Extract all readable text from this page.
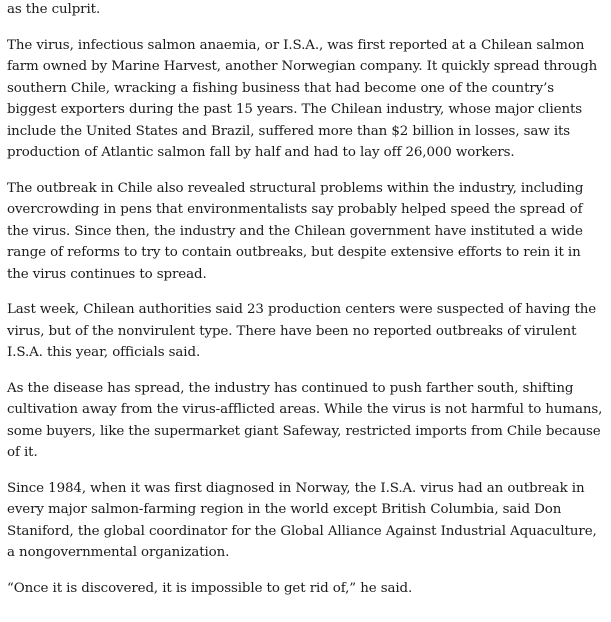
as the culprit.

The virus, infectious salmon anaemia, or I.S.A., was first reported at a Chilean salmon farm owned by Marine Harvest, another Norwegian company. It quickly spread through southern Chile, wracking a fishing business that had become one of the country’s biggest exporters during the past 15 years. The Chilean industry, whose major clients include the United States and Brazil, suffered more than $2 billion in losses, saw its production of Atlantic salmon fall by half and had to lay off 26,000 workers.

The outbreak in Chile also revealed structural problems within the industry, including overcrowding in pens that environmentalists say probably helped speed the spread of the virus. Since then, the industry and the Chilean government have instituted a wide range of reforms to try to contain outbreaks, but despite extensive efforts to rein it in the virus continues to spread.

Last week, Chilean authorities said 23 production centers were suspected of having the virus, but of the nonvirulent type. There have been no reported outbreaks of virulent I.S.A. this year, officials said.

As the disease has spread, the industry has continued to push farther south, shifting cultivation away from the virus-afflicted areas. While the virus is not harmful to humans, some buyers, like the supermarket giant Safeway, restricted imports from Chile because of it.

Since 1984, when it was first diagnosed in Norway, the I.S.A. virus had an outbreak in every major salmon-farming region in the world except British Columbia, said Don Staniford, the global coordinator for the Global Alliance Against Industrial Aquaculture, a nongovernmental organization.

“Once it is discovered, it is impossible to get rid of,” he said.
